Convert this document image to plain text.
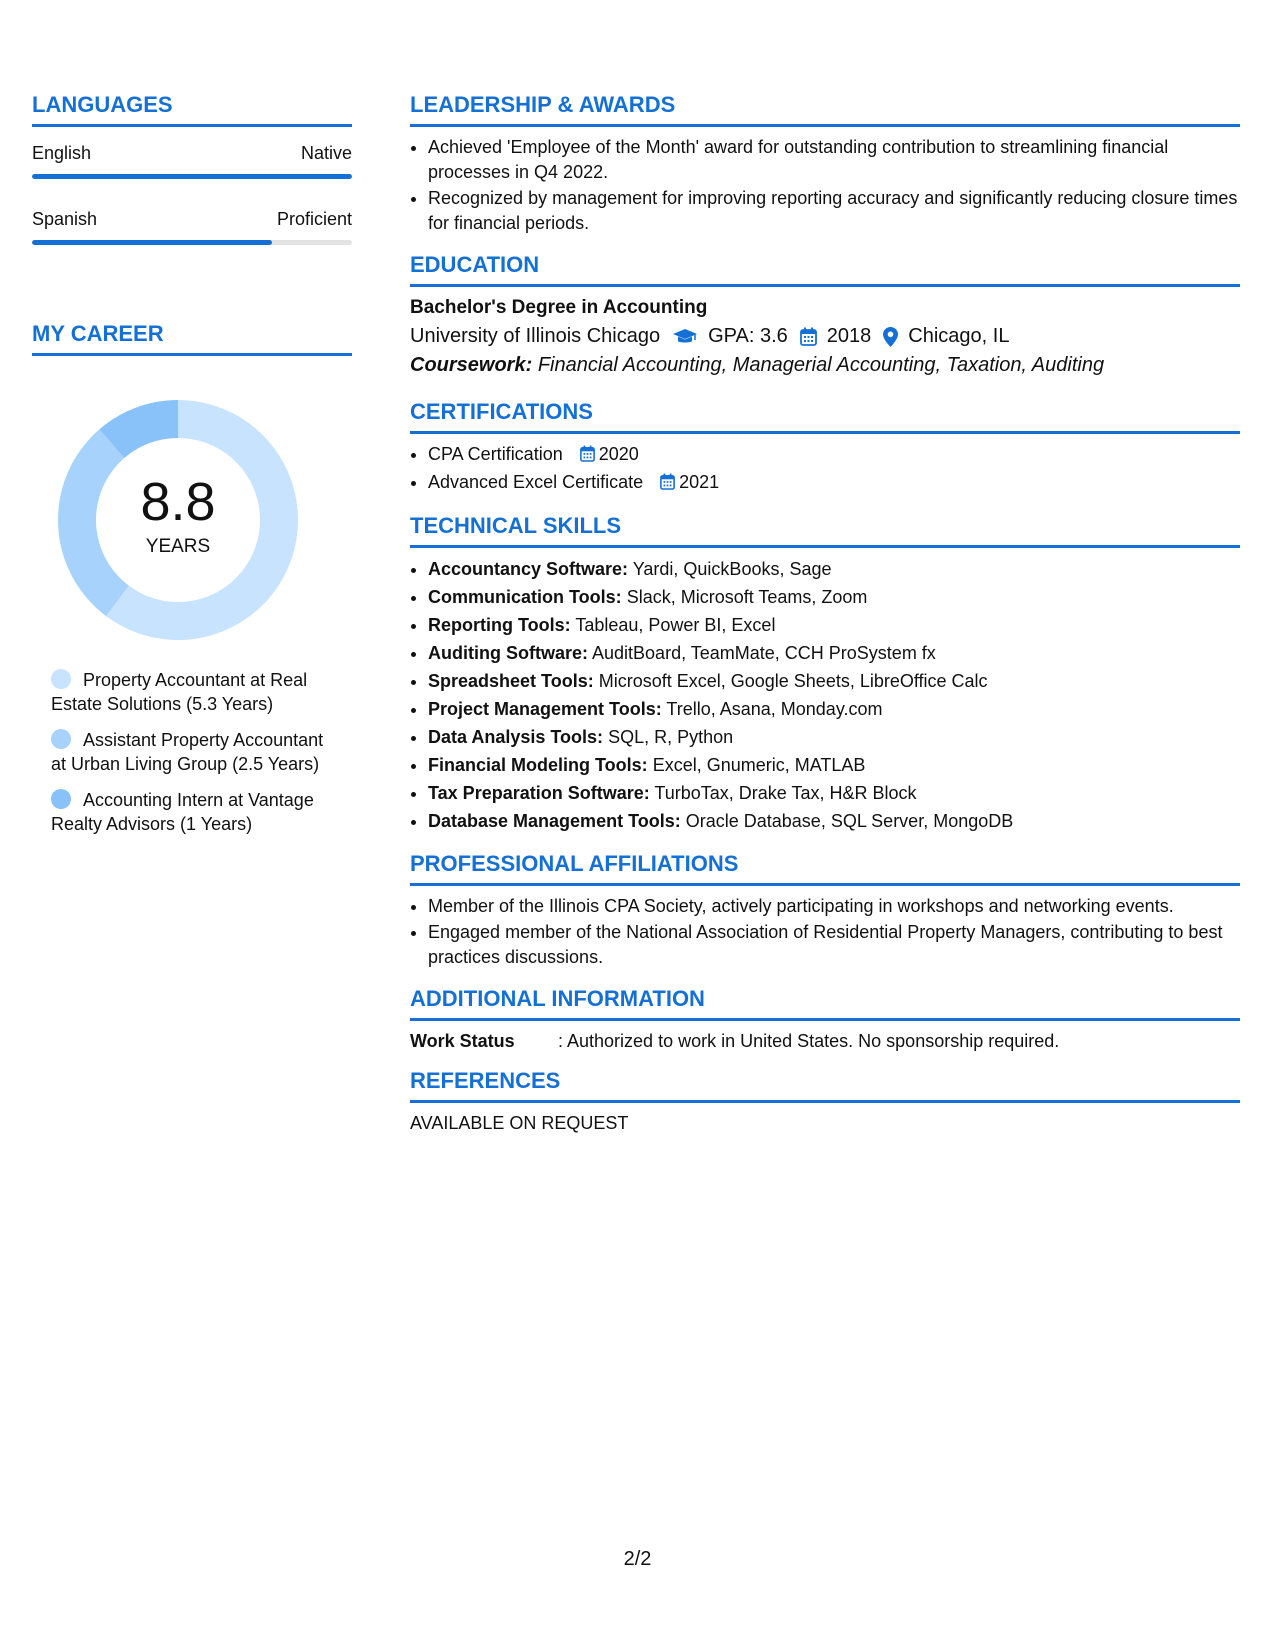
LANGUAGES
English	Native
Spanish	Proficient
MY CAREER
8.8
YEARS
Property Accountant at Real Estate Solutions (5.3 Years)
Assistant Property Accountant at Urban Living Group (2.5 Years)
Accounting Intern at Vantage Realty Advisors (1 Years)
LEADERSHIP & AWARDS
• Achieved 'Employee of the Month' award for outstanding contribution to streamlining financial processes in Q4 2022.
• Recognized by management for improving reporting accuracy and significantly reducing closure times for financial periods.
EDUCATION
Bachelor's Degree in Accounting
University of Illinois Chicago GPA: 3.6 2018 Chicago, IL
Coursework: Financial Accounting, Managerial Accounting, Taxation, Auditing
CERTIFICATIONS
• CPA Certification 2020
• Advanced Excel Certificate 2021
TECHNICAL SKILLS
• Accountancy Software: Yardi, QuickBooks, Sage
• Communication Tools: Slack, Microsoft Teams, Zoom
• Reporting Tools: Tableau, Power BI, Excel
• Auditing Software: AuditBoard, TeamMate, CCH ProSystem fx
• Spreadsheet Tools: Microsoft Excel, Google Sheets, LibreOffice Calc
• Project Management Tools: Trello, Asana, Monday.com
• Data Analysis Tools: SQL, R, Python
• Financial Modeling Tools: Excel, Gnumeric, MATLAB
• Tax Preparation Software: TurboTax, Drake Tax, H&R Block
• Database Management Tools: Oracle Database, SQL Server, MongoDB
PROFESSIONAL AFFILIATIONS
• Member of the Illinois CPA Society, actively participating in workshops and networking events.
• Engaged member of the National Association of Residential Property Managers, contributing to best practices discussions.
ADDITIONAL INFORMATION
Work Status	: Authorized to work in United States. No sponsorship required.
REFERENCES
AVAILABLE ON REQUEST
2/2
